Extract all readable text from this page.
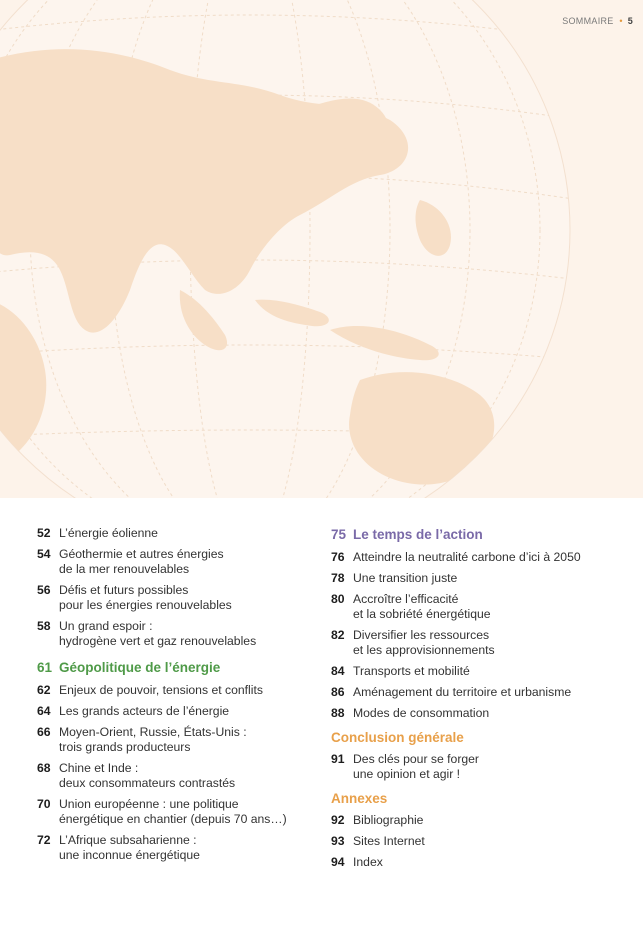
SOMMAIRE • 5
52 L’énergie éolienne
54 Géothermie et autres énergies
de la mer renouvelables
56 Défis et futurs possibles
pour les énergies renouvelables
58 Un grand espoir :
hydrogène vert et gaz renouvelables
61 Géopolitique de l’énergie
62 Enjeux de pouvoir, tensions et conflits
64 Les grands acteurs de l’énergie
66 Moyen-Orient, Russie, États-Unis :
trois grands producteurs
68 Chine et Inde :
deux consommateurs contrastés
70 Union européenne : une politique
énergétique en chantier (depuis 70 ans…)
72 L’Afrique subsaharienne :
une inconnue énergétique
75 Le temps de l’action
76 Atteindre la neutralité carbone d’ici à 2050
78 Une transition juste
80 Accroître l’efficacité
et la sobriété énergétique
82 Diversifier les ressources
et les approvisionnements
84 Transports et mobilité
86 Aménagement du territoire et urbanisme
88 Modes de consommation
Conclusion générale
91 Des clés pour se forger
une opinion et agir !
Annexes
92 Bibliographie
93 Sites Internet
94 Index
